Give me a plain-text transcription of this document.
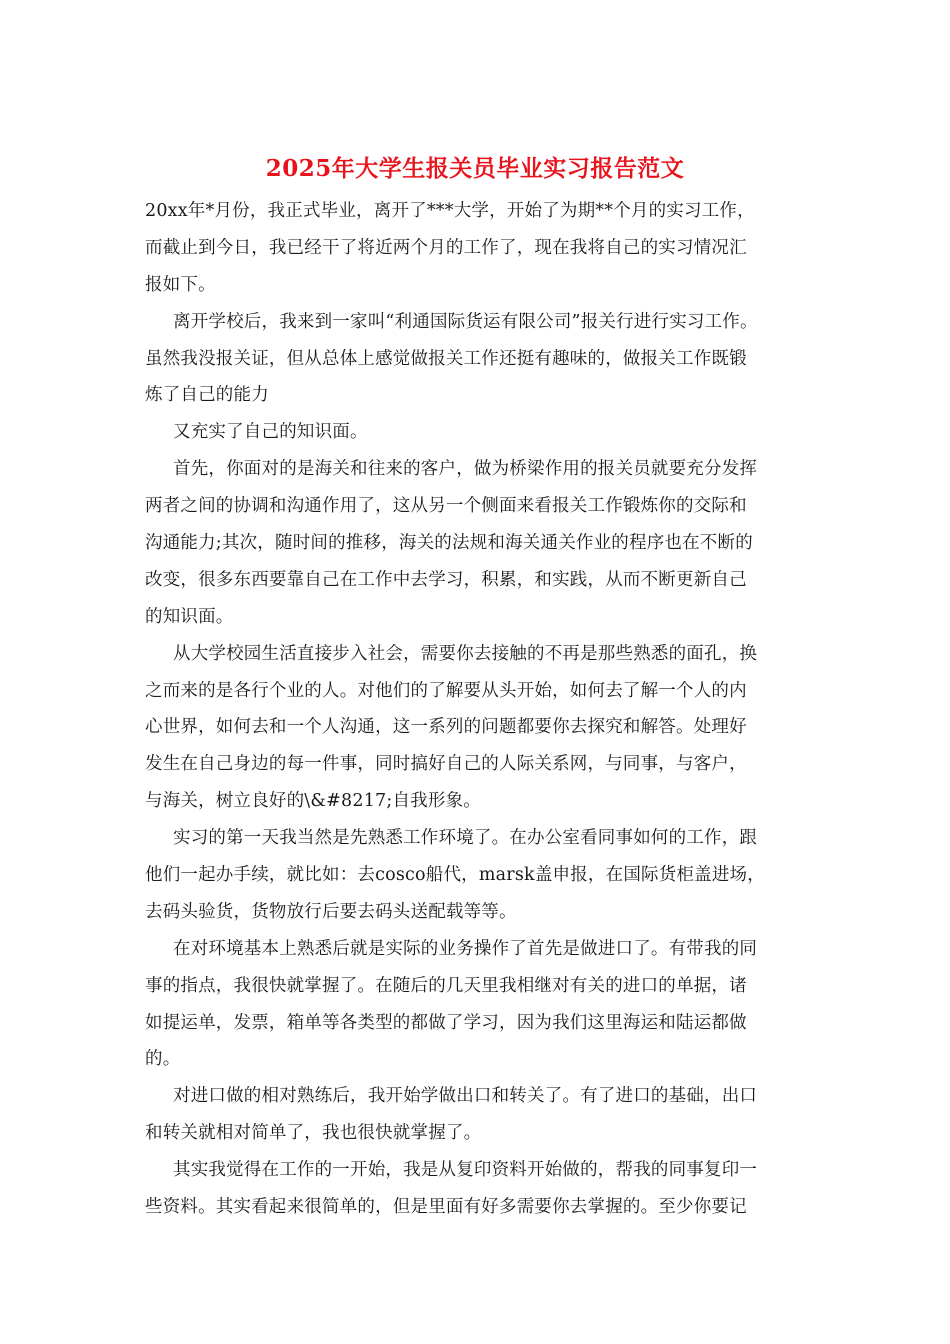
2025年大学生报关员毕业实习报告范文
20xx年*月份，我正式毕业，离开了***大学，开始了为期**个月的实习工作，
而截止到今日，我已经干了将近两个月的工作了，现在我将自己的实习情况汇
报如下。
离开学校后，我来到一家叫“利通国际货运有限公司”报关行进行实习工作。
虽然我没报关证，但从总体上感觉做报关工作还挺有趣味的，做报关工作既锻
炼了自己的能力
又充实了自己的知识面。
首先，你面对的是海关和往来的客户，做为桥梁作用的报关员就要充分发挥
两者之间的协调和沟通作用了，这从另一个侧面来看报关工作锻炼你的交际和
沟通能力;其次，随时间的推移，海关的法规和海关通关作业的程序也在不断的
改变，很多东西要靠自己在工作中去学习，积累，和实践，从而不断更新自己
的知识面。
从大学校园生活直接步入社会，需要你去接触的不再是那些熟悉的面孔，换
之而来的是各行个业的人。对他们的了解要从头开始，如何去了解一个人的内
心世界，如何去和一个人沟通，这一系列的问题都要你去探究和解答。处理好
发生在自己身边的每一件事，同时搞好自己的人际关系网，与同事，与客户，
与海关，树立良好的\&#8217;自我形象。
实习的第一天我当然是先熟悉工作环境了。在办公室看同事如何的工作，跟
他们一起办手续，就比如：去cosco船代，marsk盖申报，在国际货柜盖进场，
去码头验货，货物放行后要去码头送配载等等。
在对环境基本上熟悉后就是实际的业务操作了首先是做进口了。有带我的同
事的指点，我很快就掌握了。在随后的几天里我相继对有关的进口的单据，诸
如提运单，发票，箱单等各类型的都做了学习，因为我们这里海运和陆运都做
的。
对进口做的相对熟练后，我开始学做出口和转关了。有了进口的基础，出口
和转关就相对简单了，我也很快就掌握了。
其实我觉得在工作的一开始，我是从复印资料开始做的，帮我的同事复印一
些资料。其实看起来很简单的，但是里面有好多需要你去掌握的。至少你要记
